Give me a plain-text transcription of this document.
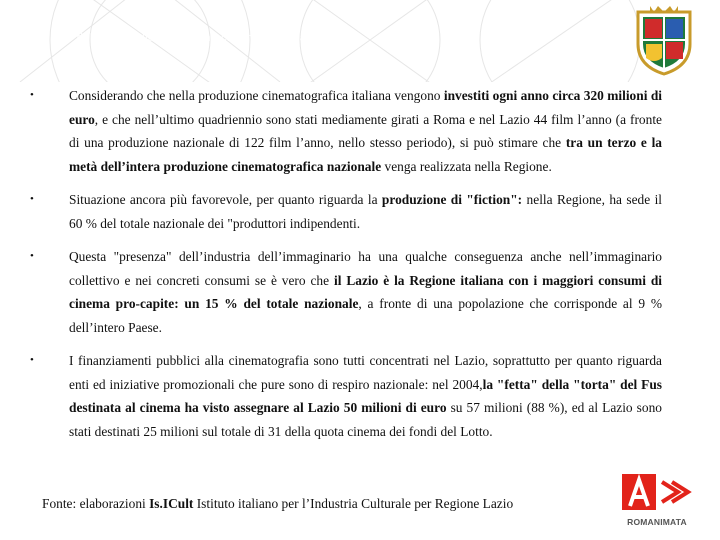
Ruolo del Lazio nella produzione cinematografica nazionale
•	Considerando che nella produzione cinematografica italiana vengono investiti ogni anno circa 320 milioni di euro, e che nell’ultimo quadriennio sono stati mediamente girati a Roma e nel Lazio 44 film l’anno (a fronte di una produzione nazionale di 122 film l’anno, nello stesso periodo), si può stimare che tra un terzo e la metà dell’intera produzione cinematografica nazionale venga realizzata nella Regione.
•	Situazione ancora più favorevole, per quanto riguarda la produzione di "fiction": nella Regione, ha sede il 60 % del totale nazionale dei "produttori indipendenti.
•	Questa "presenza" dell’industria dell’immaginario ha una qualche conseguenza anche nell’immaginario collettivo e nei concreti consumi se è vero che il Lazio è la Regione italiana con i maggiori consumi di cinema pro-capite: un 15 % del totale nazionale, a fronte di una popolazione che corrisponde al 9 % dell’intero Paese.
•	I finanziamenti pubblici alla cinematografia sono tutti concentrati nel Lazio, soprattutto per quanto riguarda enti ed iniziative promozionali che pure sono di respiro nazionale: nel 2004,la "fetta" della "torta" del Fus destinata al cinema ha visto assegnare al Lazio 50 milioni di euro su 57 milioni (88 %), ed al Lazio sono stati destinati 25 milioni sul totale di 31 della quota cinema dei fondi del Lotto.
Fonte: elaborazioni Is.ICult Istituto italiano per l’Industria Culturale per Regione Lazio
ROMANIMATA
